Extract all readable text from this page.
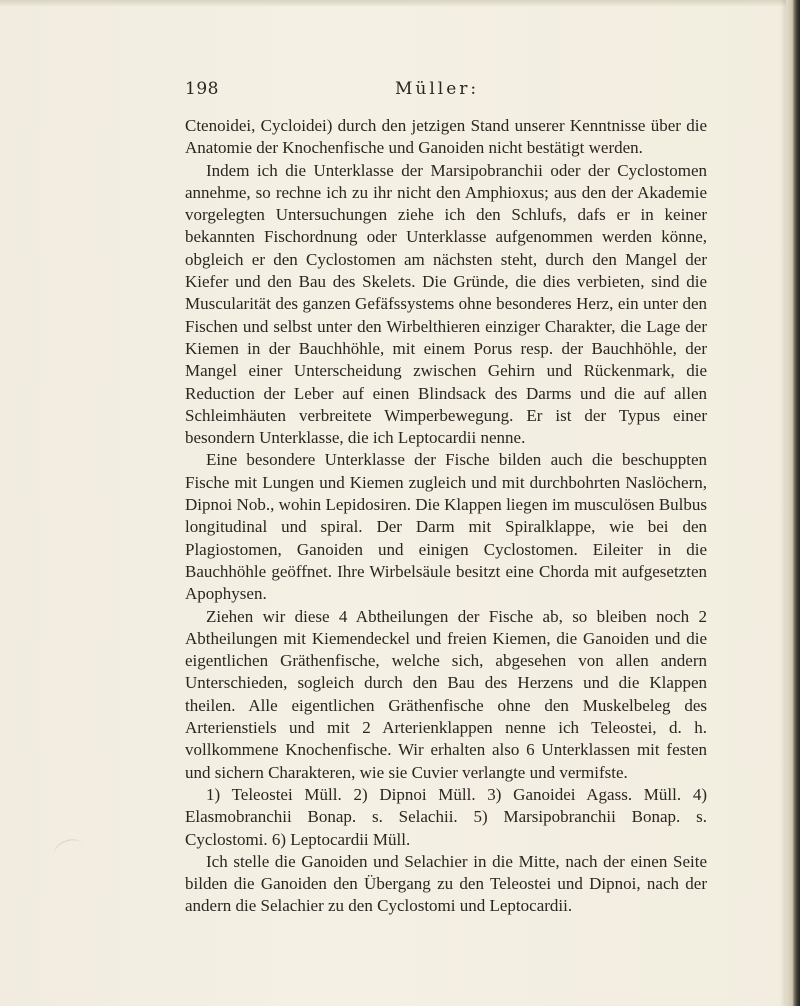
198	Müller:

Ctenoidei, Cycloidei) durch den jetzigen Stand unserer Kenntnisse über die Anatomie der Knochenfische und Ganoiden nicht bestätigt werden.

Indem ich die Unterklasse der Marsipobranchii oder der Cyclostomen annehme, so rechne ich zu ihr nicht den Amphioxus; aus den der Akademie vorgelegten Untersuchungen ziehe ich den Schlufs, dafs er in keiner bekannten Fischordnung oder Unterklasse aufgenommen werden könne, obgleich er den Cyclostomen am nächsten steht, durch den Mangel der Kiefer und den Bau des Skelets. Die Gründe, die dies verbieten, sind die Muscularität des ganzen Gefäfssystems ohne besonderes Herz, ein unter den Fischen und selbst unter den Wirbelthieren einziger Charakter, die Lage der Kiemen in der Bauchhöhle, mit einem Porus resp. der Bauchhöhle, der Mangel einer Unterscheidung zwischen Gehirn und Rückenmark, die Reduction der Leber auf einen Blindsack des Darms und die auf allen Schleimhäuten verbreitete Wimperbewegung. Er ist der Typus einer besondern Unterklasse, die ich Leptocardii nenne.

Eine besondere Unterklasse der Fische bilden auch die beschuppten Fische mit Lungen und Kiemen zugleich und mit durchbohrten Naslöchern, Dipnoi Nob., wohin Lepidosiren. Die Klappen liegen im musculösen Bulbus longitudinal und spiral. Der Darm mit Spiralklappe, wie bei den Plagiostomen, Ganoiden und einigen Cyclostomen. Eileiter in die Bauchhöhle geöffnet. Ihre Wirbelsäule besitzt eine Chorda mit aufgesetzten Apophysen.

Ziehen wir diese 4 Abtheilungen der Fische ab, so bleiben noch 2 Abtheilungen mit Kiemendeckel und freien Kiemen, die Ganoiden und die eigentlichen Gräthenfische, welche sich, abgesehen von allen andern Unterschieden, sogleich durch den Bau des Herzens und die Klappen theilen. Alle eigentlichen Gräthenfische ohne den Muskelbeleg des Arterienstiels und mit 2 Arterienklappen nenne ich Teleostei, d. h. vollkommene Knochenfische. Wir erhalten also 6 Unterklassen mit festen und sichern Charakteren, wie sie Cuvier verlangte und vermifste.

1) Teleostei Müll. 2) Dipnoi Müll. 3) Ganoidei Agass. Müll. 4) Elasmobranchii Bonap. s. Selachii. 5) Marsipobranchii Bonap. s. Cyclostomi. 6) Leptocardii Müll.

Ich stelle die Ganoiden und Selachier in die Mitte, nach der einen Seite bilden die Ganoiden den Übergang zu den Teleostei und Dipnoi, nach der andern die Selachier zu den Cyclostomi und Leptocardii.
